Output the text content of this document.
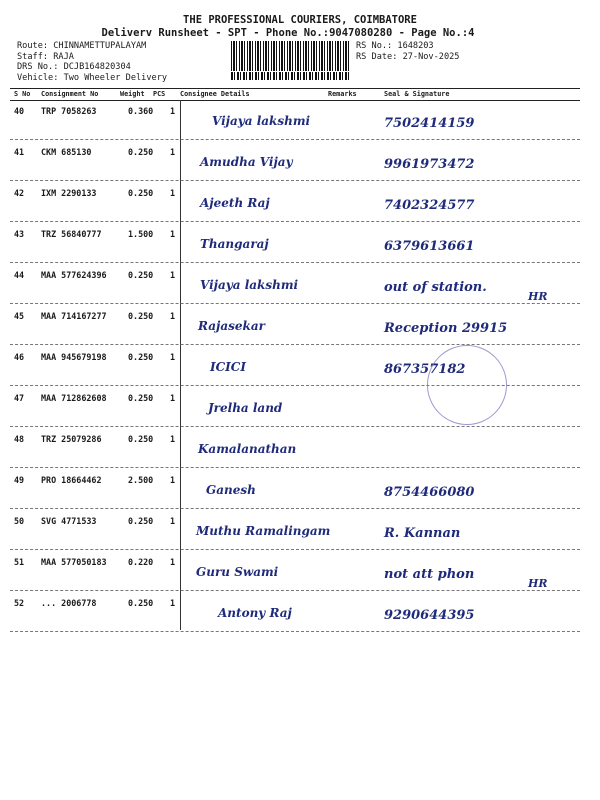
THE PROFESSIONAL COURIERS, COIMBATORE
Deliverv Runsheet - SPT - Phone No.:9047080280 - Page No.:4
Route: CHINNAMETTUPALAYAM
Staff: RAJA
DRS No.: DCJB164820304
Vehicle: Two Wheeler Delivery
RS No.: 1648203
RS Date: 27-Nov-2025
S No Consignment No	Weight PCS Consignee Details	Remarks	Seal & Signature
40 TRP 7058263	0.360 1
Vijaya lakshmi	7502414159
41 CKM 685130	0.250 1
Amudha Vijay	9961973472
42 IXM 2290133	0.250 1
Ajeeth Raj	7402324577
43 TRZ 56840777	1.500 1
Thangaraj	6379613661
44 MAA 577624396	0.250 1
Vijaya lakshmi	out of station.
HR
45 MAA 714167277	0.250 1
Rajasekar	Reception 29915
46 MAA 945679198	0.250 1
ICICI	867357182
47 MAA 712862608	0.250 1
Jrelha land
48 TRZ 25079286	0.250 1
Kamalanathan
49 PRO 18664462	2.500 1
Ganesh	8754466080
50 SVG 4771533	0.250 1
Muthu Ramalingam	R. Kannan
51 MAA 577050183	0.220 1
Guru Swami	not att phon
HR
52 ... 2006778	0.250 1
Antony Raj	9290644395
